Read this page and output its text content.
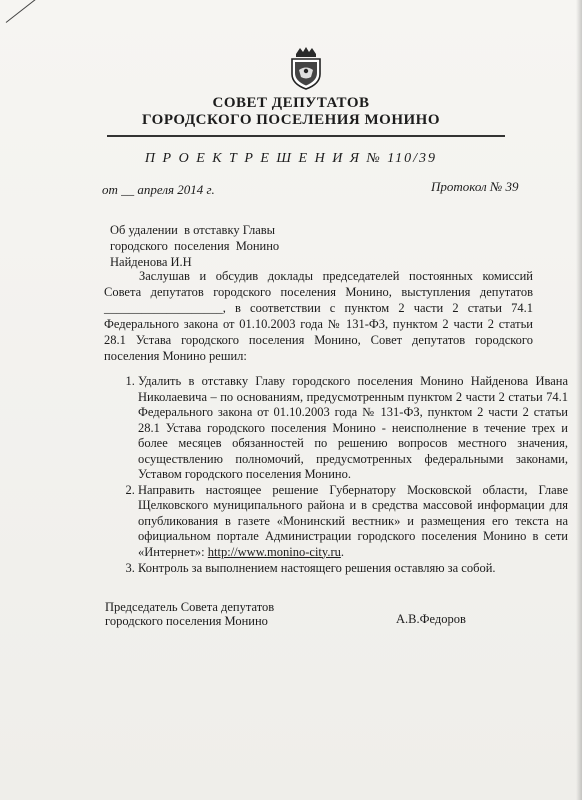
СОВЕТ ДЕПУТАТОВ
ГОРОДСКОГО ПОСЕЛЕНИЯ МОНИНО
П Р О Е К Т Р Е Ш Е Н И Я № 110/39
от __ апреля 2014 г.	Протокол № 39
Об удалении  в отставку Главы
городского  поселения  Монино
Найденова И.Н
Заслушав и обсудив доклады председателей постоянных комиссий Совета депутатов городского поселения Монино, выступления депутатов ___________________, в соответствии с пунктом 2 части 2 статьи 74.1 Федерального закона от 01.10.2003 года № 131-ФЗ, пунктом 2 части 2 статьи 28.1 Устава городского поселения Монино, Совет депутатов городского поселения Монино решил:
1. Удалить в отставку Главу городского поселения Монино Найденова Ивана Николаевича – по основаниям, предусмотренным пунктом 2 части 2 статьи 74.1 Федерального закона от 01.10.2003 года № 131-ФЗ, пунктом 2 части 2 статьи 28.1 Устава городского поселения Монино - неисполнение в течение трех и более месяцев обязанностей по решению вопросов местного значения, осуществлению полномочий, предусмотренных федеральными законами, Уставом городского поселения Монино.
2. Направить настоящее решение Губернатору Московской области, Главе Щелковского муниципального района и в средства массовой информации для опубликования в газете «Монинский вестник» и размещения его текста на официальном портале Администрации городского поселения Монино в сети «Интернет»: http://www.monino-city.ru.
3. Контроль за выполнением настоящего решения оставляю за собой.
Председатель Совета депутатов
городского поселения Монино	А.В.Федоров
